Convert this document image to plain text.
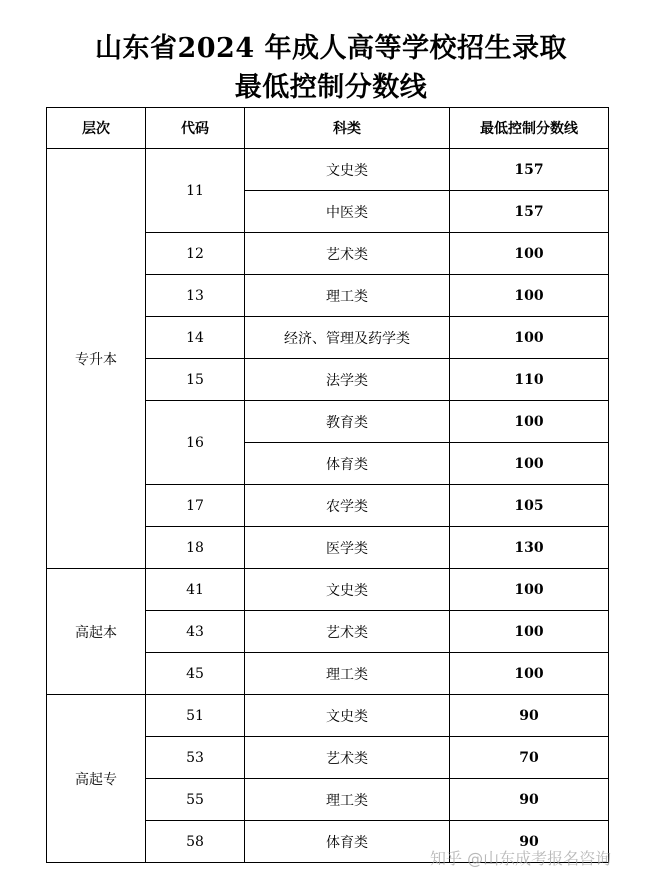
山东省2024 年成人高等学校招生录取
最低控制分数线
层次	代码	科类	最低控制分数线
专升本	11	文史类	157
		中医类	157
	12	艺术类	100
	13	理工类	100
	14	经济、管理及药学类	100
	15	法学类	110
	16	教育类	100
		体育类	100
	17	农学类	105
	18	医学类	130
高起本	41	文史类	100
	43	艺术类	100
	45	理工类	100
高起专	51	文史类	90
	53	艺术类	70
	55	理工类	90
	58	体育类	90
知乎 @山东成考报名咨询
